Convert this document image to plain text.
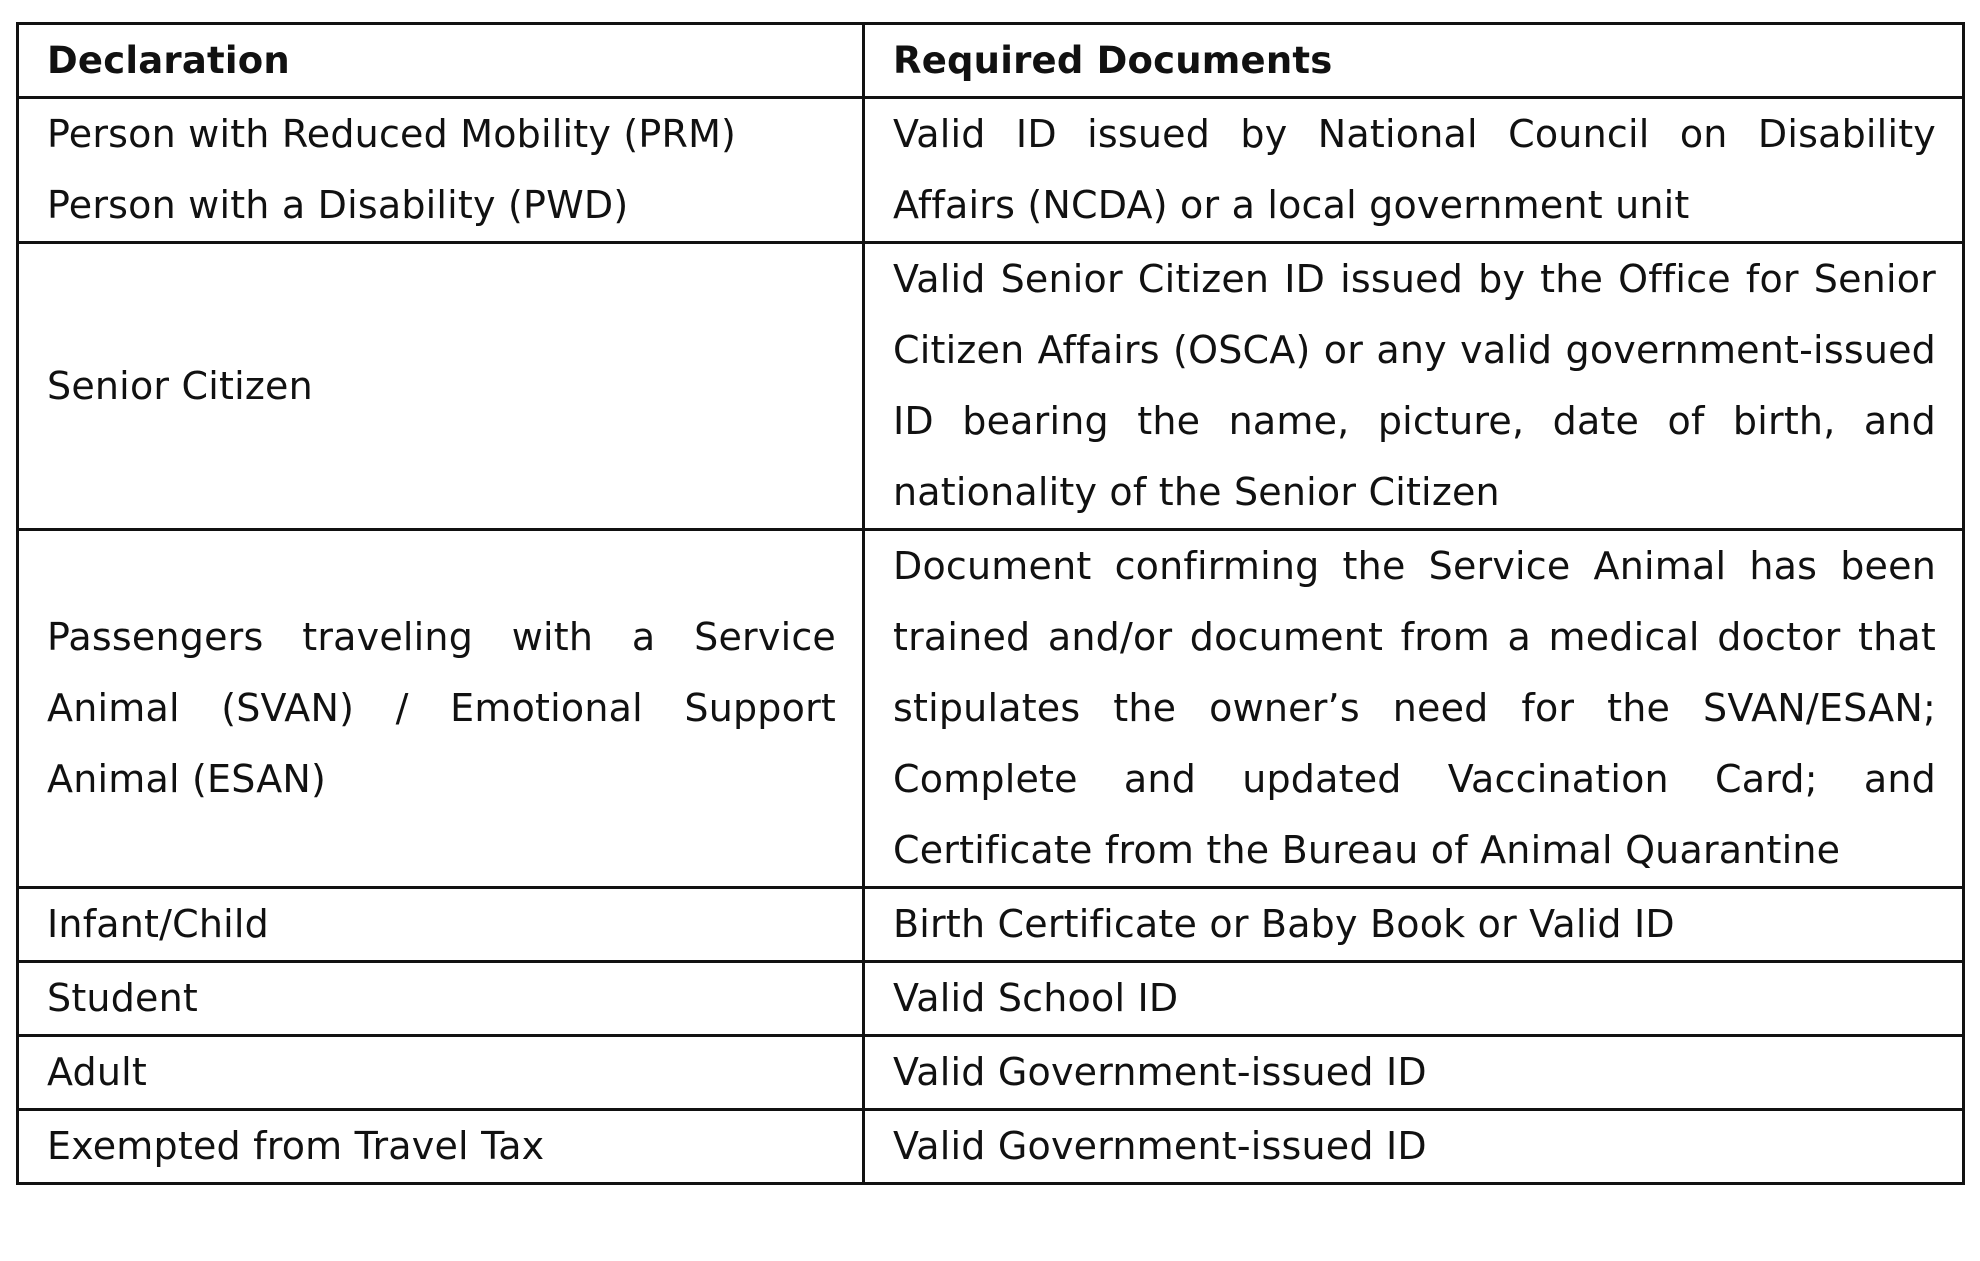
Declaration	Required Documents

Person with Reduced Mobility (PRM)
Person with a Disability (PWD)	Valid ID issued by National Council on Disability Affairs (NCDA) or a local government unit

Senior Citizen	Valid Senior Citizen ID issued by the Office for Senior Citizen Affairs (OSCA) or any valid government-issued ID bearing the name, picture, date of birth, and nationality of the Senior Citizen

Passengers traveling with a Service Animal (SVAN) / Emotional Support Animal (ESAN)	Document confirming the Service Animal has been trained and/or document from a medical doctor that stipulates the owner’s need for the SVAN/ESAN; Complete and updated Vaccination Card; and Certificate from the Bureau of Animal Quarantine

Infant/Child	Birth Certificate or Baby Book or Valid ID

Student	Valid School ID

Adult	Valid Government-issued ID

Exempted from Travel Tax	Valid Government-issued ID
